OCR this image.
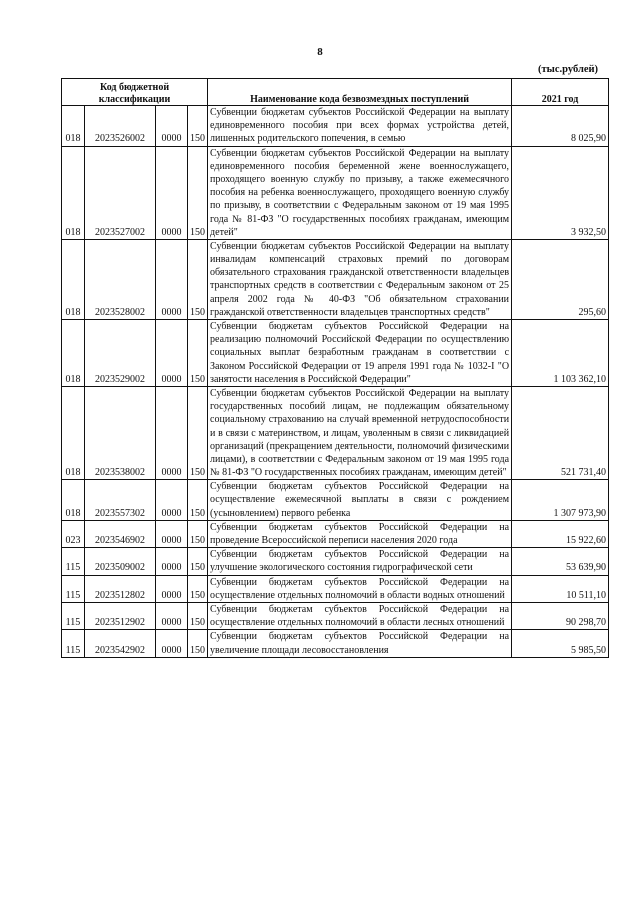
8
(тыс.рублей)
Код бюджетной классификации				Наименование кода безвозмездных поступлений	2021 год
018	2023526002	0000	150	Субвенции бюджетам субъектов Российской Федерации на выплату единовременного пособия при всех формах устройства детей, лишенных родительского попечения, в семью	8 025,90
018	2023527002	0000	150	Субвенции бюджетам субъектов Российской Федерации на выплату единовременного пособия беременной жене военнослужащего, проходящего военную службу по призыву, а также ежемесячного пособия на ребенка военнослужащего, проходящего военную службу по призыву, в соответствии с Федеральным законом от 19 мая 1995 года № 81-ФЗ "О государственных пособиях гражданам, имеющим детей"	3 932,50
018	2023528002	0000	150	Субвенции бюджетам субъектов Российской Федерации на выплату инвалидам компенсаций страховых премий по договорам обязательного страхования гражданской ответственности владельцев транспортных средств в соответствии с Федеральным законом от 25 апреля 2002 года № 40-ФЗ "Об обязательном страховании гражданской ответственности владельцев транспортных средств"	295,60
018	2023529002	0000	150	Субвенции бюджетам субъектов Российской Федерации на реализацию полномочий Российской Федерации по осуществлению социальных выплат безработным гражданам в соответствии с Законом Российской Федерации от 19 апреля 1991 года № 1032-I "О занятости населения в Российской Федерации"	1 103 362,10
018	2023538002	0000	150	Субвенции бюджетам субъектов Российской Федерации на выплату государственных пособий лицам, не подлежащим обязательному социальному страхованию на случай временной нетрудоспособности и в связи с материнством, и лицам, уволенным в связи с ликвидацией организаций (прекращением деятельности, полномочий физическими лицами), в соответствии с Федеральным законом от 19 мая 1995 года № 81-ФЗ "О государственных пособиях гражданам, имеющим детей"	521 731,40
018	2023557302	0000	150	Субвенции бюджетам субъектов Российской Федерации на осуществление ежемесячной выплаты в связи с рождением (усыновлением) первого ребенка	1 307 973,90
023	2023546902	0000	150	Субвенции бюджетам субъектов Российской Федерации на проведение Всероссийской переписи населения 2020 года	15 922,60
115	2023509002	0000	150	Субвенции бюджетам субъектов Российской Федерации на улучшение экологического состояния гидрографической сети	53 639,90
115	2023512802	0000	150	Субвенции бюджетам субъектов Российской Федерации на осуществление отдельных полномочий в области водных отношений	10 511,10
115	2023512902	0000	150	Субвенции бюджетам субъектов Российской Федерации на осуществление отдельных полномочий в области лесных отношений	90 298,70
115	2023542902	0000	150	Субвенции бюджетам субъектов Российской Федерации на увеличение площади лесовосстановления	5 985,50
